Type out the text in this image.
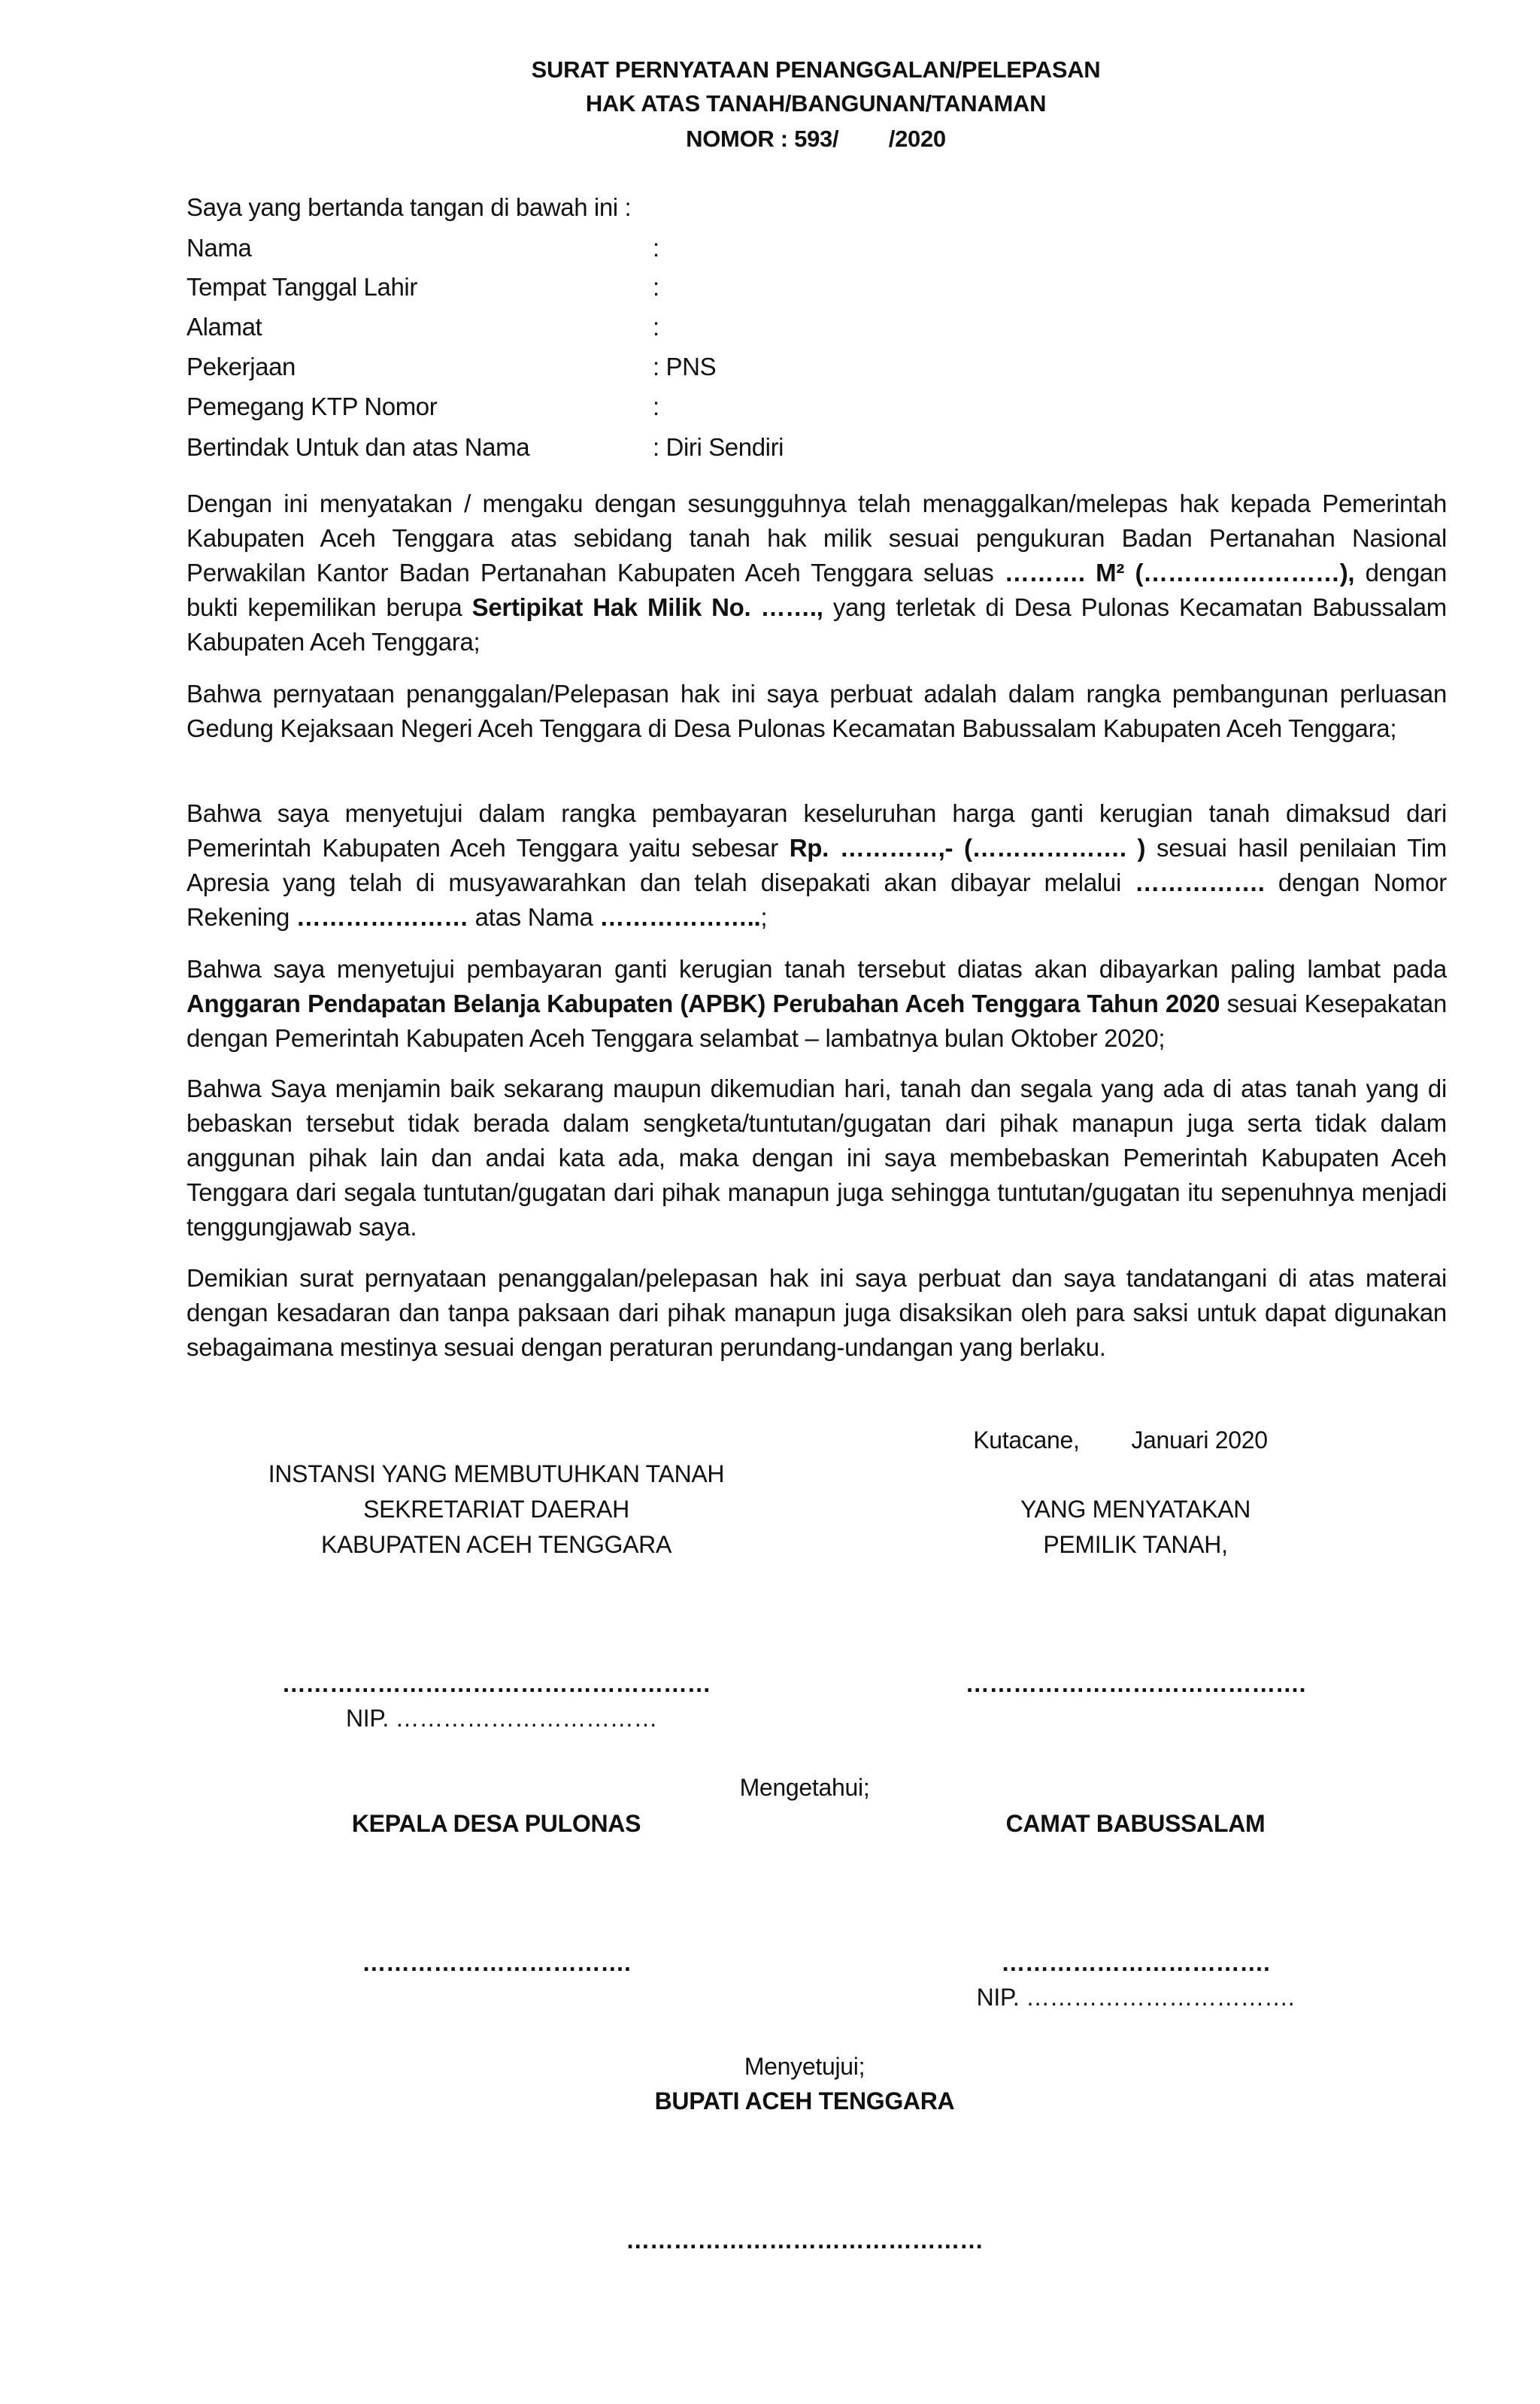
SURAT PERNYATAAN PENANGGALAN/PELEPASAN
HAK ATAS TANAH/BANGUNAN/TANAMAN
NOMOR : 593/        /2020
Saya yang bertanda tangan di bawah ini :
Nama	:
Tempat Tanggal Lahir	:
Alamat	:
Pekerjaan	: PNS
Pemegang KTP Nomor	:
Bertindak Untuk dan atas Nama	: Diri Sendiri
Dengan ini menyatakan / mengaku dengan sesungguhnya telah menaggalkan/melepas hak kepada Pemerintah Kabupaten Aceh Tenggara atas sebidang tanah hak milik sesuai pengukuran Badan Pertanahan Nasional Perwakilan Kantor Badan Pertanahan Kabupaten Aceh Tenggara seluas ………. M² (……………………), dengan bukti kepemilikan berupa Sertipikat Hak Milik No. ……., yang terletak di Desa Pulonas Kecamatan Babussalam Kabupaten Aceh Tenggara;
Bahwa pernyataan penanggalan/Pelepasan hak ini saya perbuat adalah dalam rangka pembangunan perluasan Gedung Kejaksaan Negeri Aceh Tenggara di Desa Pulonas Kecamatan Babussalam Kabupaten Aceh Tenggara;
Bahwa saya menyetujui dalam rangka pembayaran keseluruhan harga ganti kerugian tanah dimaksud dari Pemerintah Kabupaten Aceh Tenggara yaitu sebesar Rp. …………,- (………………. ) sesuai hasil penilaian Tim Apresia yang telah di musyawarahkan dan telah disepakati akan dibayar melalui ……………. dengan Nomor Rekening ………………… atas Nama ………………..;
Bahwa saya menyetujui pembayaran ganti kerugian tanah tersebut diatas akan dibayarkan paling lambat pada Anggaran Pendapatan Belanja Kabupaten (APBK) Perubahan Aceh Tenggara Tahun 2020 sesuai Kesepakatan dengan Pemerintah Kabupaten Aceh Tenggara selambat – lambatnya bulan Oktober 2020;
Bahwa Saya menjamin baik sekarang maupun dikemudian hari, tanah dan segala yang ada di atas tanah yang di bebaskan tersebut tidak berada dalam sengketa/tuntutan/gugatan dari pihak manapun juga serta tidak dalam anggunan pihak lain dan andai kata ada, maka dengan ini saya membebaskan Pemerintah Kabupaten Aceh Tenggara dari segala tuntutan/gugatan dari pihak manapun juga sehingga tuntutan/gugatan itu sepenuhnya menjadi tenggungjawab saya.
Demikian surat pernyataan penanggalan/pelepasan hak ini saya perbuat dan saya tandatangani di atas materai dengan kesadaran dan tanpa paksaan dari pihak manapun juga disaksikan oleh para saksi untuk dapat digunakan sebagaimana mestinya sesuai dengan peraturan perundang-undangan yang berlaku.
Kutacane,        Januari 2020
INSTANSI YANG MEMBUTUHKAN TANAH
SEKRETARIAT DAERAH
KABUPATEN ACEH TENGGARA
YANG MENYATAKAN
PEMILIK TANAH,
………………………………………………	…………………………………….
NIP. ……………………………
Mengetahui;
KEPALA DESA PULONAS	CAMAT BABUSSALAM
…………………………….	…………………………….
NIP. …………………………….
Menyetujui;
BUPATI ACEH TENGGARA
………………………………………
